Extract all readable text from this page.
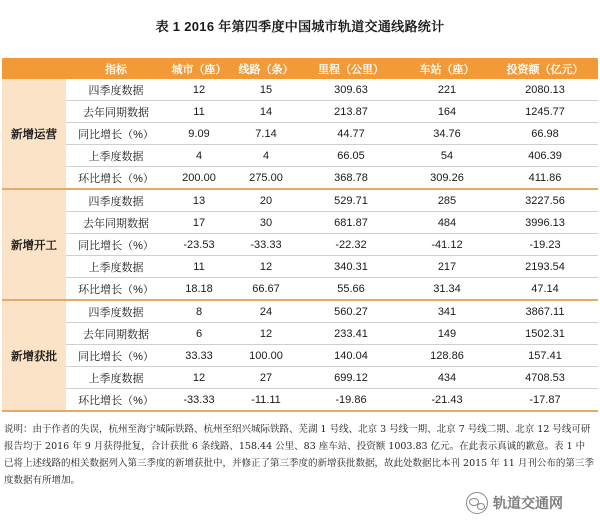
表 1 2016 年第四季度中国城市轨道交通线路统计
	指标	城市（座）	线路（条）	里程（公里）	车站（座）	投资额（亿元）
新增运营	四季度数据	12	15	309.63	221	2080.13
	去年同期数据	11	14	213.87	164	1245.77
	同比增长（%）	9.09	7.14	44.77	34.76	66.98
	上季度数据	4	4	66.05	54	406.39
	环比增长（%）	200.00	275.00	368.78	309.26	411.86
新增开工	四季度数据	13	20	529.71	285	3227.56
	去年同期数据	17	30	681.87	484	3996.13
	同比增长（%）	-23.53	-33.33	-22.32	-41.12	-19.23
	上季度数据	11	12	340.31	217	2193.54
	环比增长（%）	18.18	66.67	55.66	31.34	47.14
新增获批	四季度数据	8	24	560.27	341	3867.11
	去年同期数据	6	12	233.41	149	1502.31
	同比增长（%）	33.33	100.00	140.04	128.86	157.41
	上季度数据	12	27	699.12	434	4708.53
	环比增长（%）	-33.33	-11.11	-19.86	-21.43	-17.87
说明：由于作者的失误，杭州至海宁城际铁路、杭州至绍兴城际铁路、芜湖 1 号线、北京 3 号线一期、北京 7 号线二期、北京 12 号线可研报告均于 2016 年 9 月获得批复，合计获批 6 条线路、158.44 公里、83 座车站、投资额 1003.83 亿元。在此表示真诚的歉意。表 1 中已将上述线路的相关数据列入第三季度的新增获批中，并修正了第三季度的新增获批数据，故此处数据比本刊 2015 年 11 月刊公布的第三季度数据有所增加。
轨道交通网
